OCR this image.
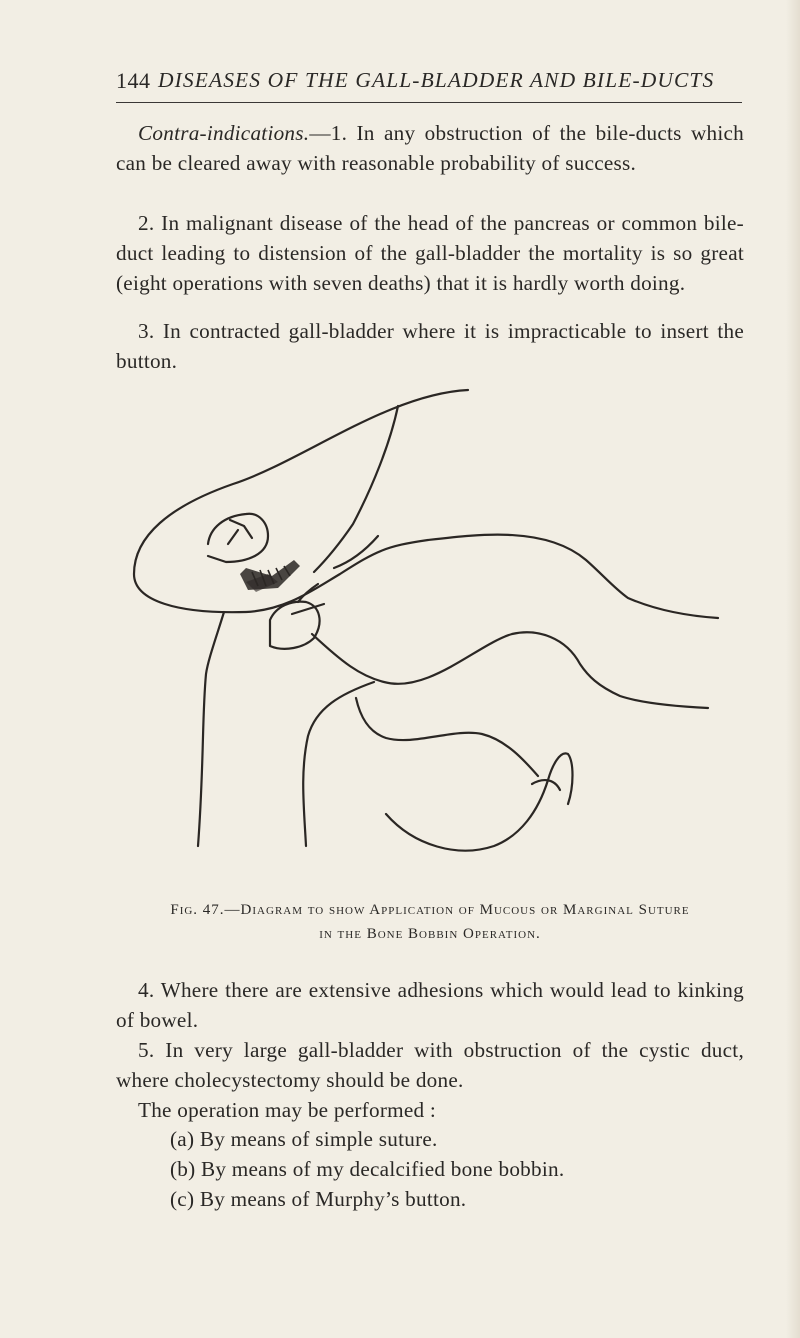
144 DISEASES OF THE GALL-BLADDER AND BILE-DUCTS

Contra-indications.—1. In any obstruction of the bile-ducts which can be cleared away with reasonable probability of success.

2. In malignant disease of the head of the pancreas or common bile-duct leading to distension of the gall-bladder the mortality is so great (eight operations with seven deaths) that it is hardly worth doing.

3. In contracted gall-bladder where it is impracticable to insert the button.

Fig. 47.—Diagram to show Application of Mucous or Marginal Suture
in the Bone Bobbin Operation.

4. Where there are extensive adhesions which would lead to kinking of bowel.

5. In very large gall-bladder with obstruction of the cystic duct, where cholecystectomy should be done.

The operation may be performed :

(a) By means of simple suture.
(b) By means of my decalcified bone bobbin.
(c) By means of Murphy’s button.
